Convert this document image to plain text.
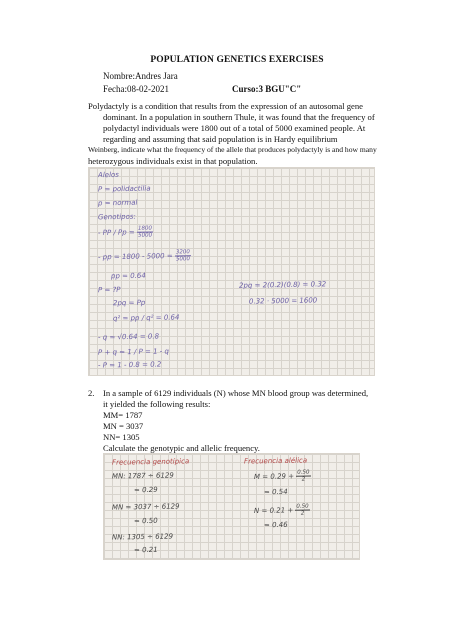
POPULATION GENETICS EXERCISES
Nombre:Andres Jara
Fecha:08-02-2021	Curso:3 BGU"C"
Polydactyly is a condition that results from the expression of an autosomal gene
dominant. In a population in southern Thule, it was found that the frequency of
polydactyl individuals were 1800 out of a total of 5000 examined people. At
regarding and assuming that said population is in Hardy equilibrium
Weinberg, indicate what the frequency of the allele that produces polydactyly is and how many
heterozygous individuals exist in that population.
Alelos
P = polidactilia
p = normal
Genotipos:
- PP / $Pp = \frac{1800}{5000}$
- pp = $1800 - 5000 = \frac{3200}{5000}$
pp = 0.64
P = ?P
2pq = Pp
q² = pp / q² = 0.64
- q = √0.64 = 0.8
P + q = 1 / P = 1 - q
- P = 1 - 0.8 = 0.2
2pq = 2(0.2)(0.8) = 0.32
0.32 · 5000 = 1600
2. In a sample of 6129 individuals (N) whose MN blood group was determined,
it yielded the following results:
MM= 1787
MN = 3037
NN= 1305
Calculate the genotypic and allelic frequency.
Frecuencia genotípica	Frecuencia alélica
MN: 1787 ÷ 6129
= 0.29
MN = 3037 ÷ 6129
= 0.50
NN: 1305 ÷ 6129
= 0.21
$M = 0.29 + \frac{0.50}{2}$
= 0.54
$N = 0.21 + \frac{0.50}{2}$
= 0.46
